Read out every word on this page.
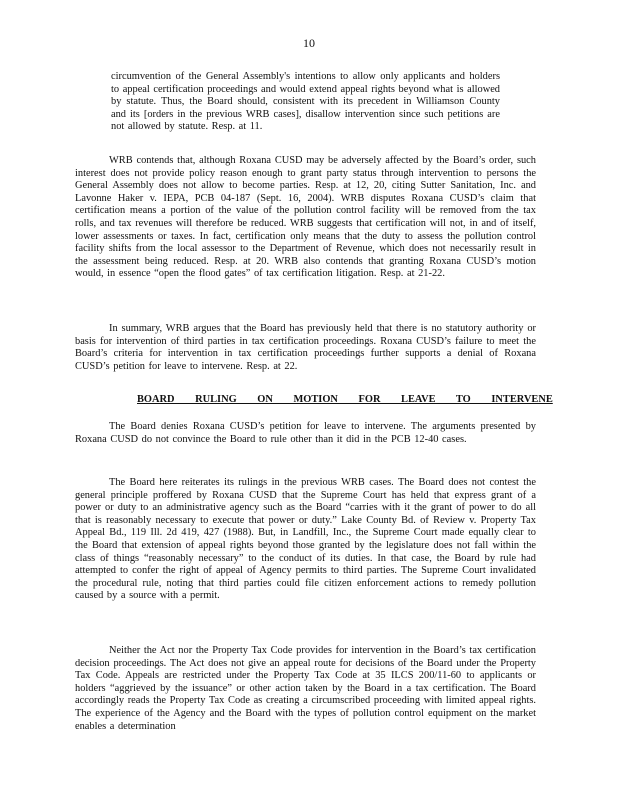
10

circumvention of the General Assembly's intentions to allow only applicants and holders to appeal certification proceedings and would extend appeal rights beyond what is allowed by statute. Thus, the Board should, consistent with its precedent in Williamson County and its [orders in the previous WRB cases], disallow intervention since such petitions are not allowed by statute. Resp. at 11.

WRB contends that, although Roxana CUSD may be adversely affected by the Board’s order, such interest does not provide policy reason enough to grant party status through intervention to persons the General Assembly does not allow to become parties. Resp. at 12, 20, citing Sutter Sanitation, Inc. and Lavonne Haker v. IEPA, PCB 04-187 (Sept. 16, 2004). WRB disputes Roxana CUSD’s claim that certification means a portion of the value of the pollution control facility will be removed from the tax rolls, and tax revenues will therefore be reduced. WRB suggests that certification will not, in and of itself, lower assessments or taxes. In fact, certification only means that the duty to assess the pollution control facility shifts from the local assessor to the Department of Revenue, which does not necessarily result in the assessment being reduced. Resp. at 20. WRB also contends that granting Roxana CUSD’s motion would, in essence “open the flood gates” of tax certification litigation. Resp. at 21-22.

In summary, WRB argues that the Board has previously held that there is no statutory authority or basis for intervention of third parties in tax certification proceedings. Roxana CUSD’s failure to meet the Board’s criteria for intervention in tax certification proceedings further supports a denial of Roxana CUSD’s petition for leave to intervene. Resp. at 22.

BOARD RULING ON MOTION FOR LEAVE TO INTERVENE

The Board denies Roxana CUSD’s petition for leave to intervene. The arguments presented by Roxana CUSD do not convince the Board to rule other than it did in the PCB 12-40 cases.

The Board here reiterates its rulings in the previous WRB cases. The Board does not contest the general principle proffered by Roxana CUSD that the Supreme Court has held that express grant of a power or duty to an administrative agency such as the Board “carries with it the grant of power to do all that is reasonably necessary to execute that power or duty.” Lake County Bd. of Review v. Property Tax Appeal Bd., 119 Ill. 2d 419, 427 (1988). But, in Landfill, Inc., the Supreme Court made equally clear to the Board that extension of appeal rights beyond those granted by the legislature does not fall within the class of things “reasonably necessary” to the conduct of its duties. In that case, the Board by rule had attempted to confer the right of appeal of Agency permits to third parties. The Supreme Court invalidated the procedural rule, noting that third parties could file citizen enforcement actions to remedy pollution caused by a source with a permit.

Neither the Act nor the Property Tax Code provides for intervention in the Board’s tax certification decision proceedings. The Act does not give an appeal route for decisions of the Board under the Property Tax Code. Appeals are restricted under the Property Tax Code at 35 ILCS 200/11-60 to applicants or holders “aggrieved by the issuance” or other action taken by the Board in a tax certification. The Board accordingly reads the Property Tax Code as creating a circumscribed proceeding with limited appeal rights. The experience of the Agency and the Board with the types of pollution control equipment on the market enables a determination
